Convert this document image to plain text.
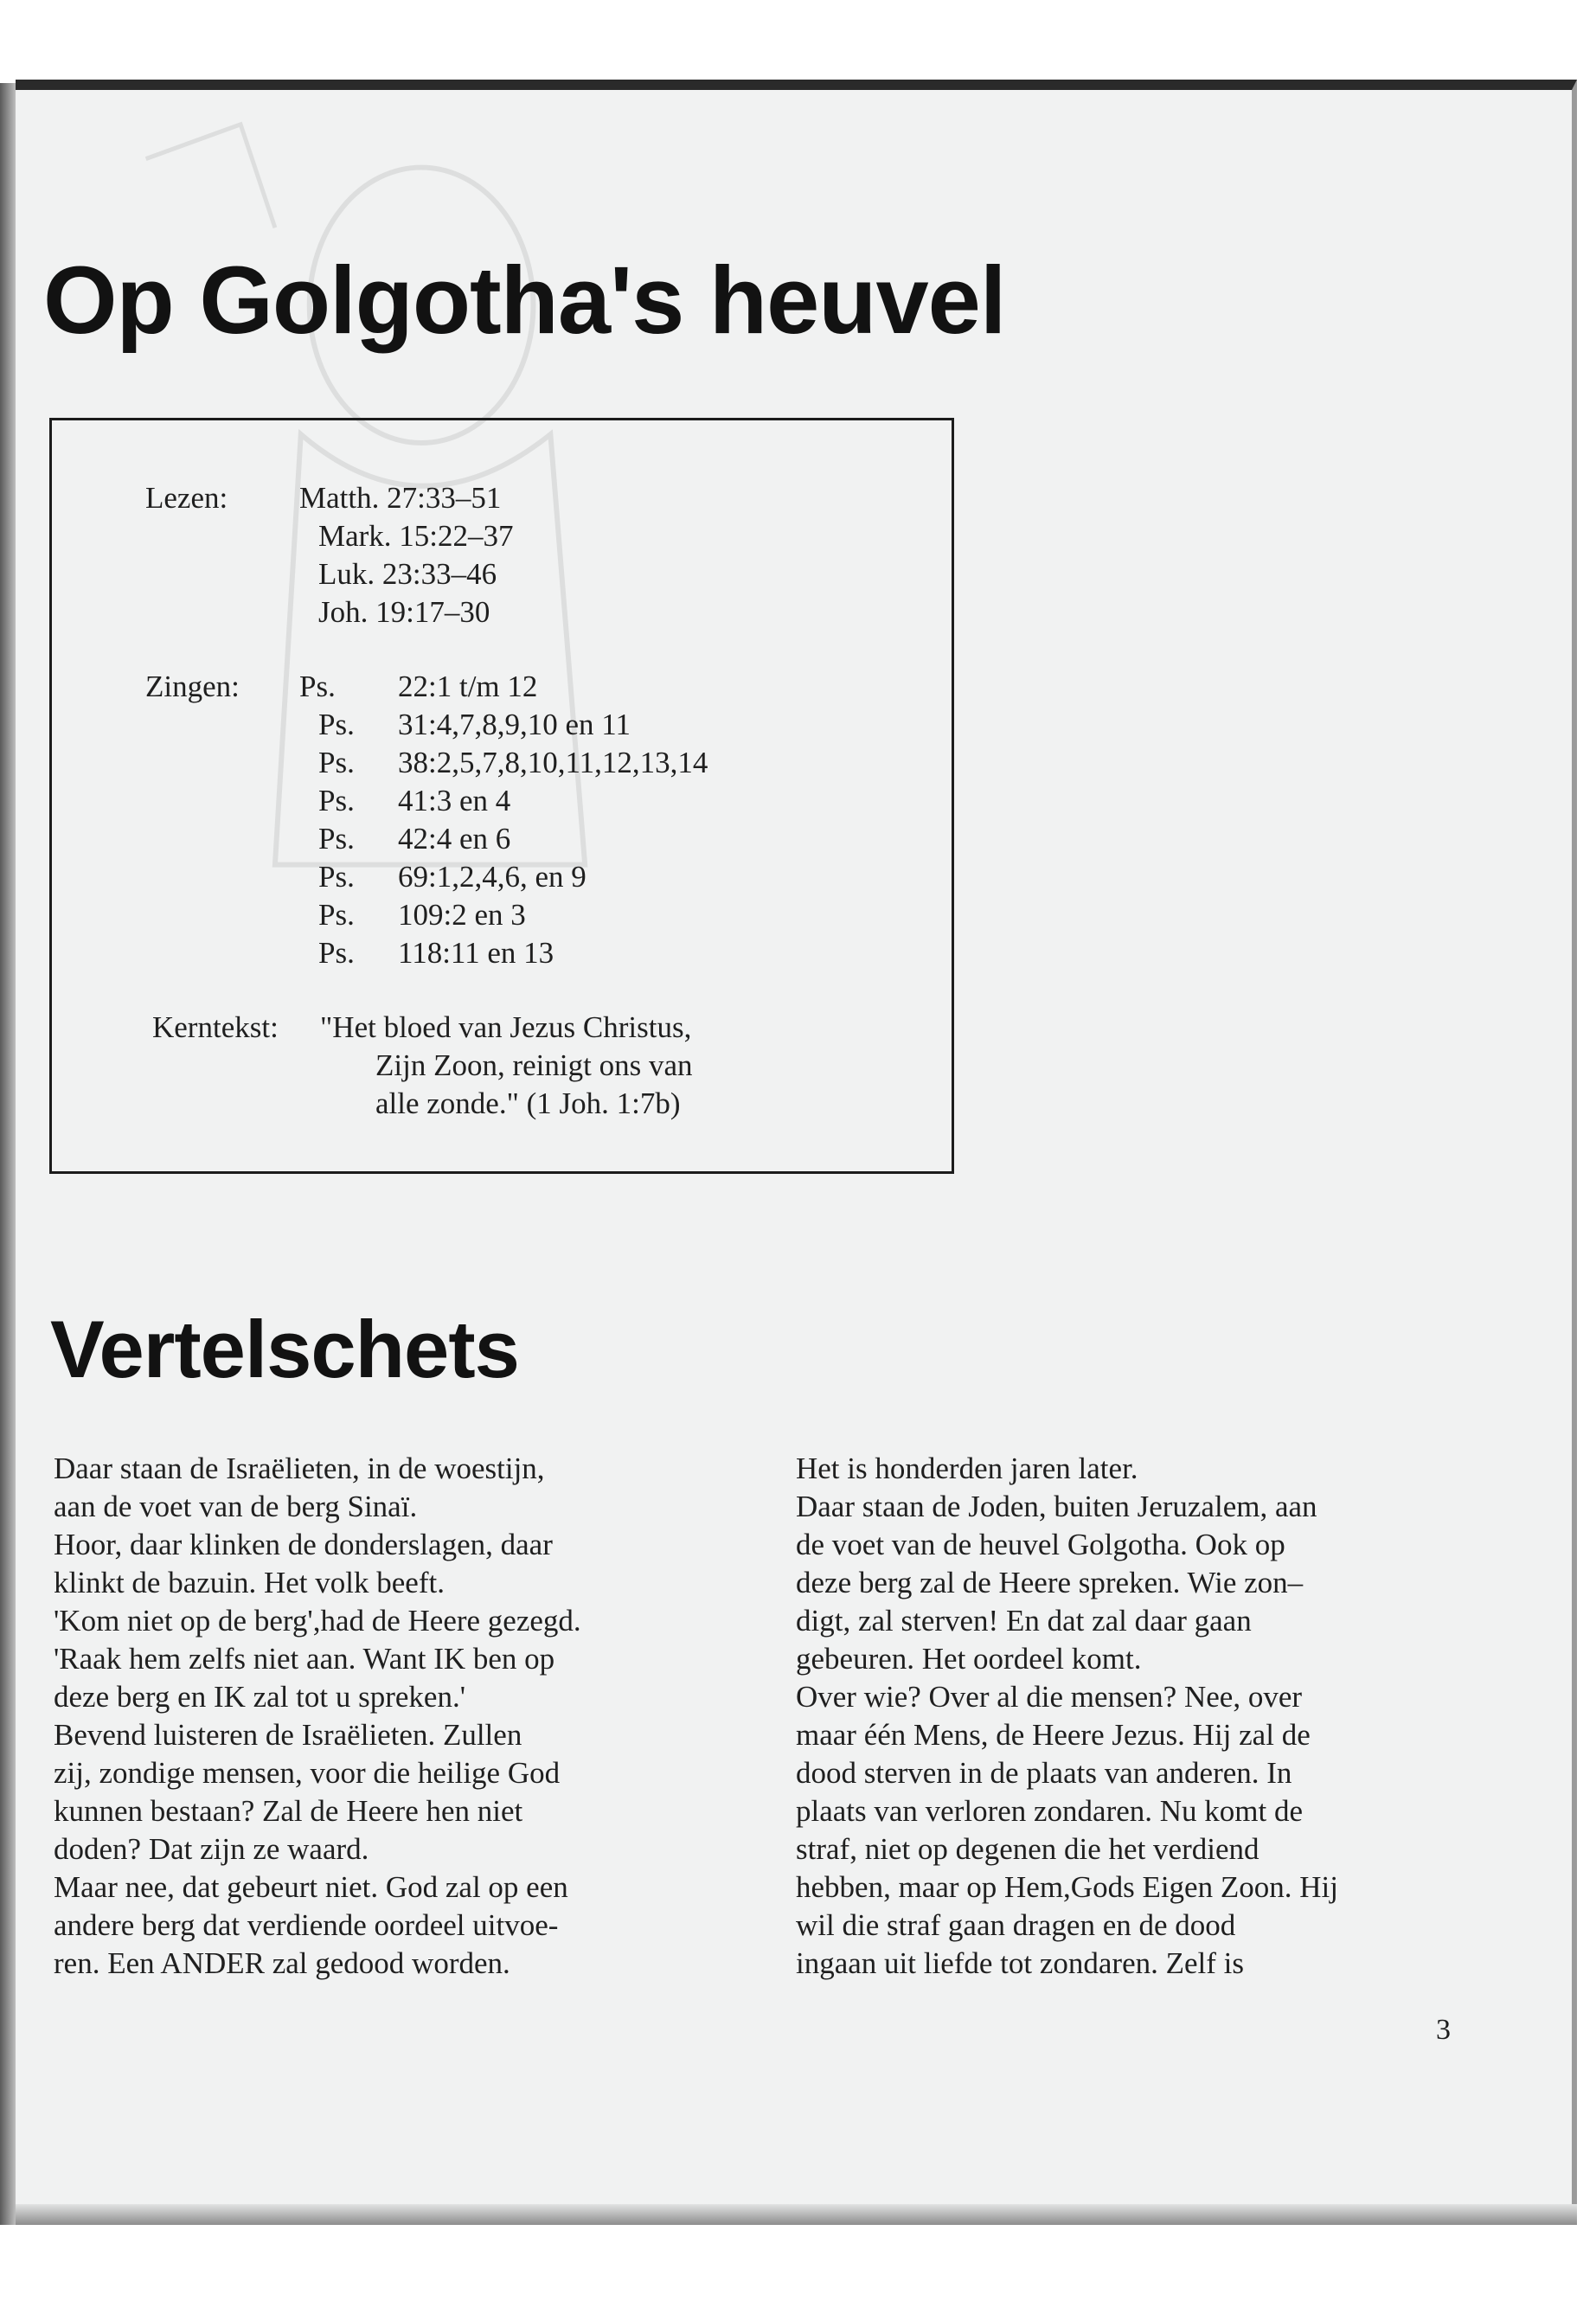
Op Golgotha's heuvel
Lezen: Matth. 27:33–51
Mark. 15:22–37
Luk. 23:33–46
Joh. 19:17–30
Zingen: Ps.
Ps.
Ps.
Ps.
Ps.
Ps.
Ps.
Ps.
22:1 t/m 12
31:4,7,8,9,10 en 11
38:2,5,7,8,10,11,12,13,14
41:3 en 4
42:4 en 6
69:1,2,4,6, en 9
109:2 en 3
118:11 en 13
Kerntekst: "Het bloed van Jezus Christus,
Zijn Zoon, reinigt ons van
alle zonde." (1 Joh. 1:7b)
Vertelschets
Daar staan de Israëlieten, in de woestijn,
aan de voet van de berg Sinaï.
Hoor, daar klinken de donderslagen, daar
klinkt de bazuin. Het volk beeft.
'Kom niet op de berg',had de Heere gezegd.
'Raak hem zelfs niet aan. Want IK ben op
deze berg en IK zal tot u spreken.'
Bevend luisteren de Israëlieten. Zullen
zij, zondige mensen, voor die heilige God
kunnen bestaan? Zal de Heere hen niet
doden? Dat zijn ze waard.
Maar nee, dat gebeurt niet. God zal op een
andere berg dat verdiende oordeel uitvoe-
ren. Een ANDER zal gedood worden.
Het is honderden jaren later.
Daar staan de Joden, buiten Jeruzalem, aan
de voet van de heuvel Golgotha. Ook op
deze berg zal de Heere spreken. Wie zon–
digt, zal sterven! En dat zal daar gaan
gebeuren. Het oordeel komt.
Over wie? Over al die mensen? Nee, over
maar één Mens, de Heere Jezus. Hij zal de
dood sterven in de plaats van anderen. In
plaats van verloren zondaren. Nu komt de
straf, niet op degenen die het verdiend
hebben, maar op Hem,Gods Eigen Zoon. Hij
wil die straf gaan dragen en de dood
ingaan uit liefde tot zondaren. Zelf is
3
